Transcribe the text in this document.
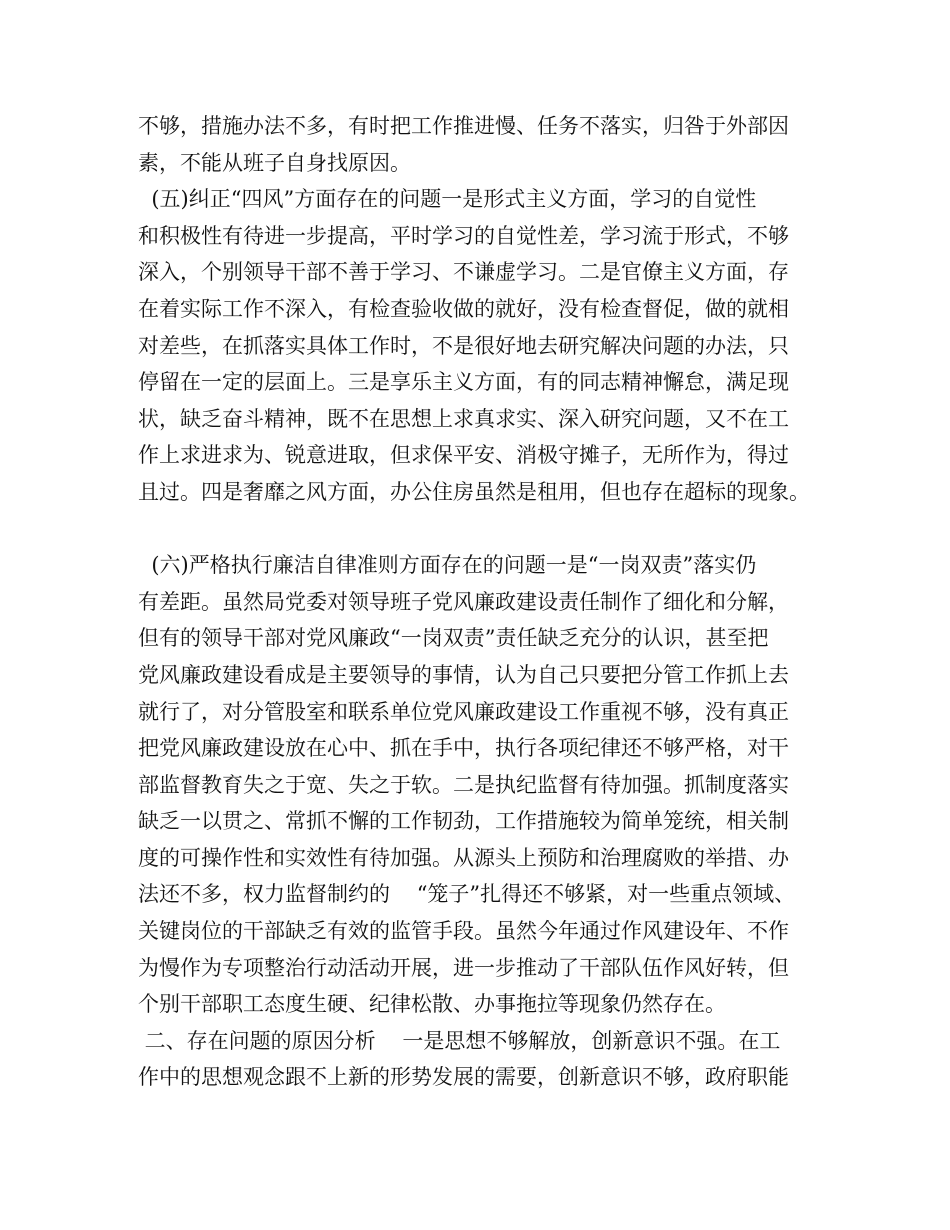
不够，措施办法不多，有时把工作推进慢、任务不落实，归咎于外部因
素，不能从班子自身找原因。
(五)纠正“四风”方面存在的问题一是形式主义方面，学习的自觉性
和积极性有待进一步提高，平时学习的自觉性差，学习流于形式，不够
深入，个别领导干部不善于学习、不谦虚学习。二是官僚主义方面，存
在着实际工作不深入，有检查验收做的就好，没有检查督促，做的就相
对差些，在抓落实具体工作时，不是很好地去研究解决问题的办法，只
停留在一定的层面上。三是享乐主义方面，有的同志精神懈怠，满足现
状，缺乏奋斗精神，既不在思想上求真求实、深入研究问题，又不在工
作上求进求为、锐意进取，但求保平安、消极守摊子，无所作为，得过
且过。四是奢靡之风方面，办公住房虽然是租用，但也存在超标的现象。
(六)严格执行廉洁自律准则方面存在的问题一是“一岗双责”落实仍
有差距。虽然局党委对领导班子党风廉政建设责任制作了细化和分解，
但有的领导干部对党风廉政“一岗双责”责任缺乏充分的认识，甚至把
党风廉政建设看成是主要领导的事情，认为自己只要把分管工作抓上去
就行了，对分管股室和联系单位党风廉政建设工作重视不够，没有真正
把党风廉政建设放在心中、抓在手中，执行各项纪律还不够严格，对干
部监督教育失之于宽、失之于软。二是执纪监督有待加强。抓制度落实
缺乏一以贯之、常抓不懈的工作韧劲，工作措施较为简单笼统，相关制
度的可操作性和实效性有待加强。从源头上预防和治理腐败的举措、办
法还不多，权力监督制约的    “笼子”扎得还不够紧，对一些重点领域、
关键岗位的干部缺乏有效的监管手段。虽然今年通过作风建设年、不作
为慢作为专项整治行动活动开展，进一步推动了干部队伍作风好转，但
个别干部职工态度生硬、纪律松散、办事拖拉等现象仍然存在。
二、存在问题的原因分析    一是思想不够解放，创新意识不强。在工
作中的思想观念跟不上新的形势发展的需要，创新意识不够，政府职能
